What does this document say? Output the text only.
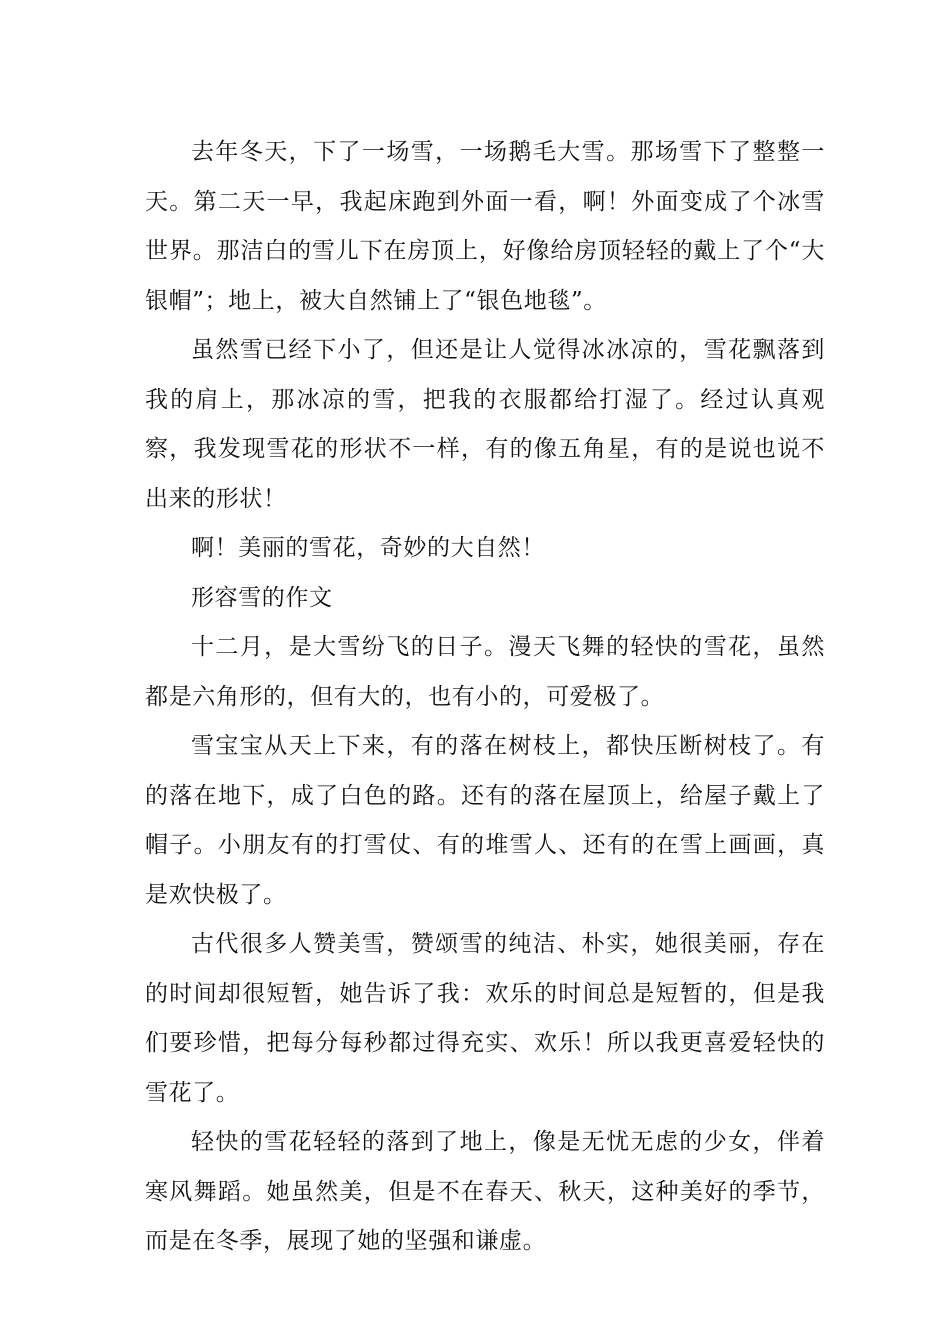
去年冬天，下了一场雪，一场鹅毛大雪。那场雪下了整整一天。第二天一早，我起床跑到外面一看，啊！外面变成了个冰雪世界。那洁白的雪儿下在房顶上，好像给房顶轻轻的戴上了个“大银帽”；地上，被大自然铺上了“银色地毯”。

虽然雪已经下小了，但还是让人觉得冰冰凉的，雪花飘落到我的肩上，那冰凉的雪，把我的衣服都给打湿了。经过认真观察，我发现雪花的形状不一样，有的像五角星，有的是说也说不出来的形状！

啊！美丽的雪花，奇妙的大自然！

形容雪的作文

十二月，是大雪纷飞的日子。漫天飞舞的轻快的雪花，虽然都是六角形的，但有大的，也有小的，可爱极了。

雪宝宝从天上下来，有的落在树枝上，都快压断树枝了。有的落在地下，成了白色的路。还有的落在屋顶上，给屋子戴上了帽子。小朋友有的打雪仗、有的堆雪人、还有的在雪上画画，真是欢快极了。

古代很多人赞美雪，赞颂雪的纯洁、朴实，她很美丽，存在的时间却很短暂，她告诉了我：欢乐的时间总是短暂的，但是我们要珍惜，把每分每秒都过得充实、欢乐！所以我更喜爱轻快的雪花了。

轻快的雪花轻轻的落到了地上，像是无忧无虑的少女，伴着寒风舞蹈。她虽然美，但是不在春天、秋天，这种美好的季节，而是在冬季，展现了她的坚强和谦虚。
